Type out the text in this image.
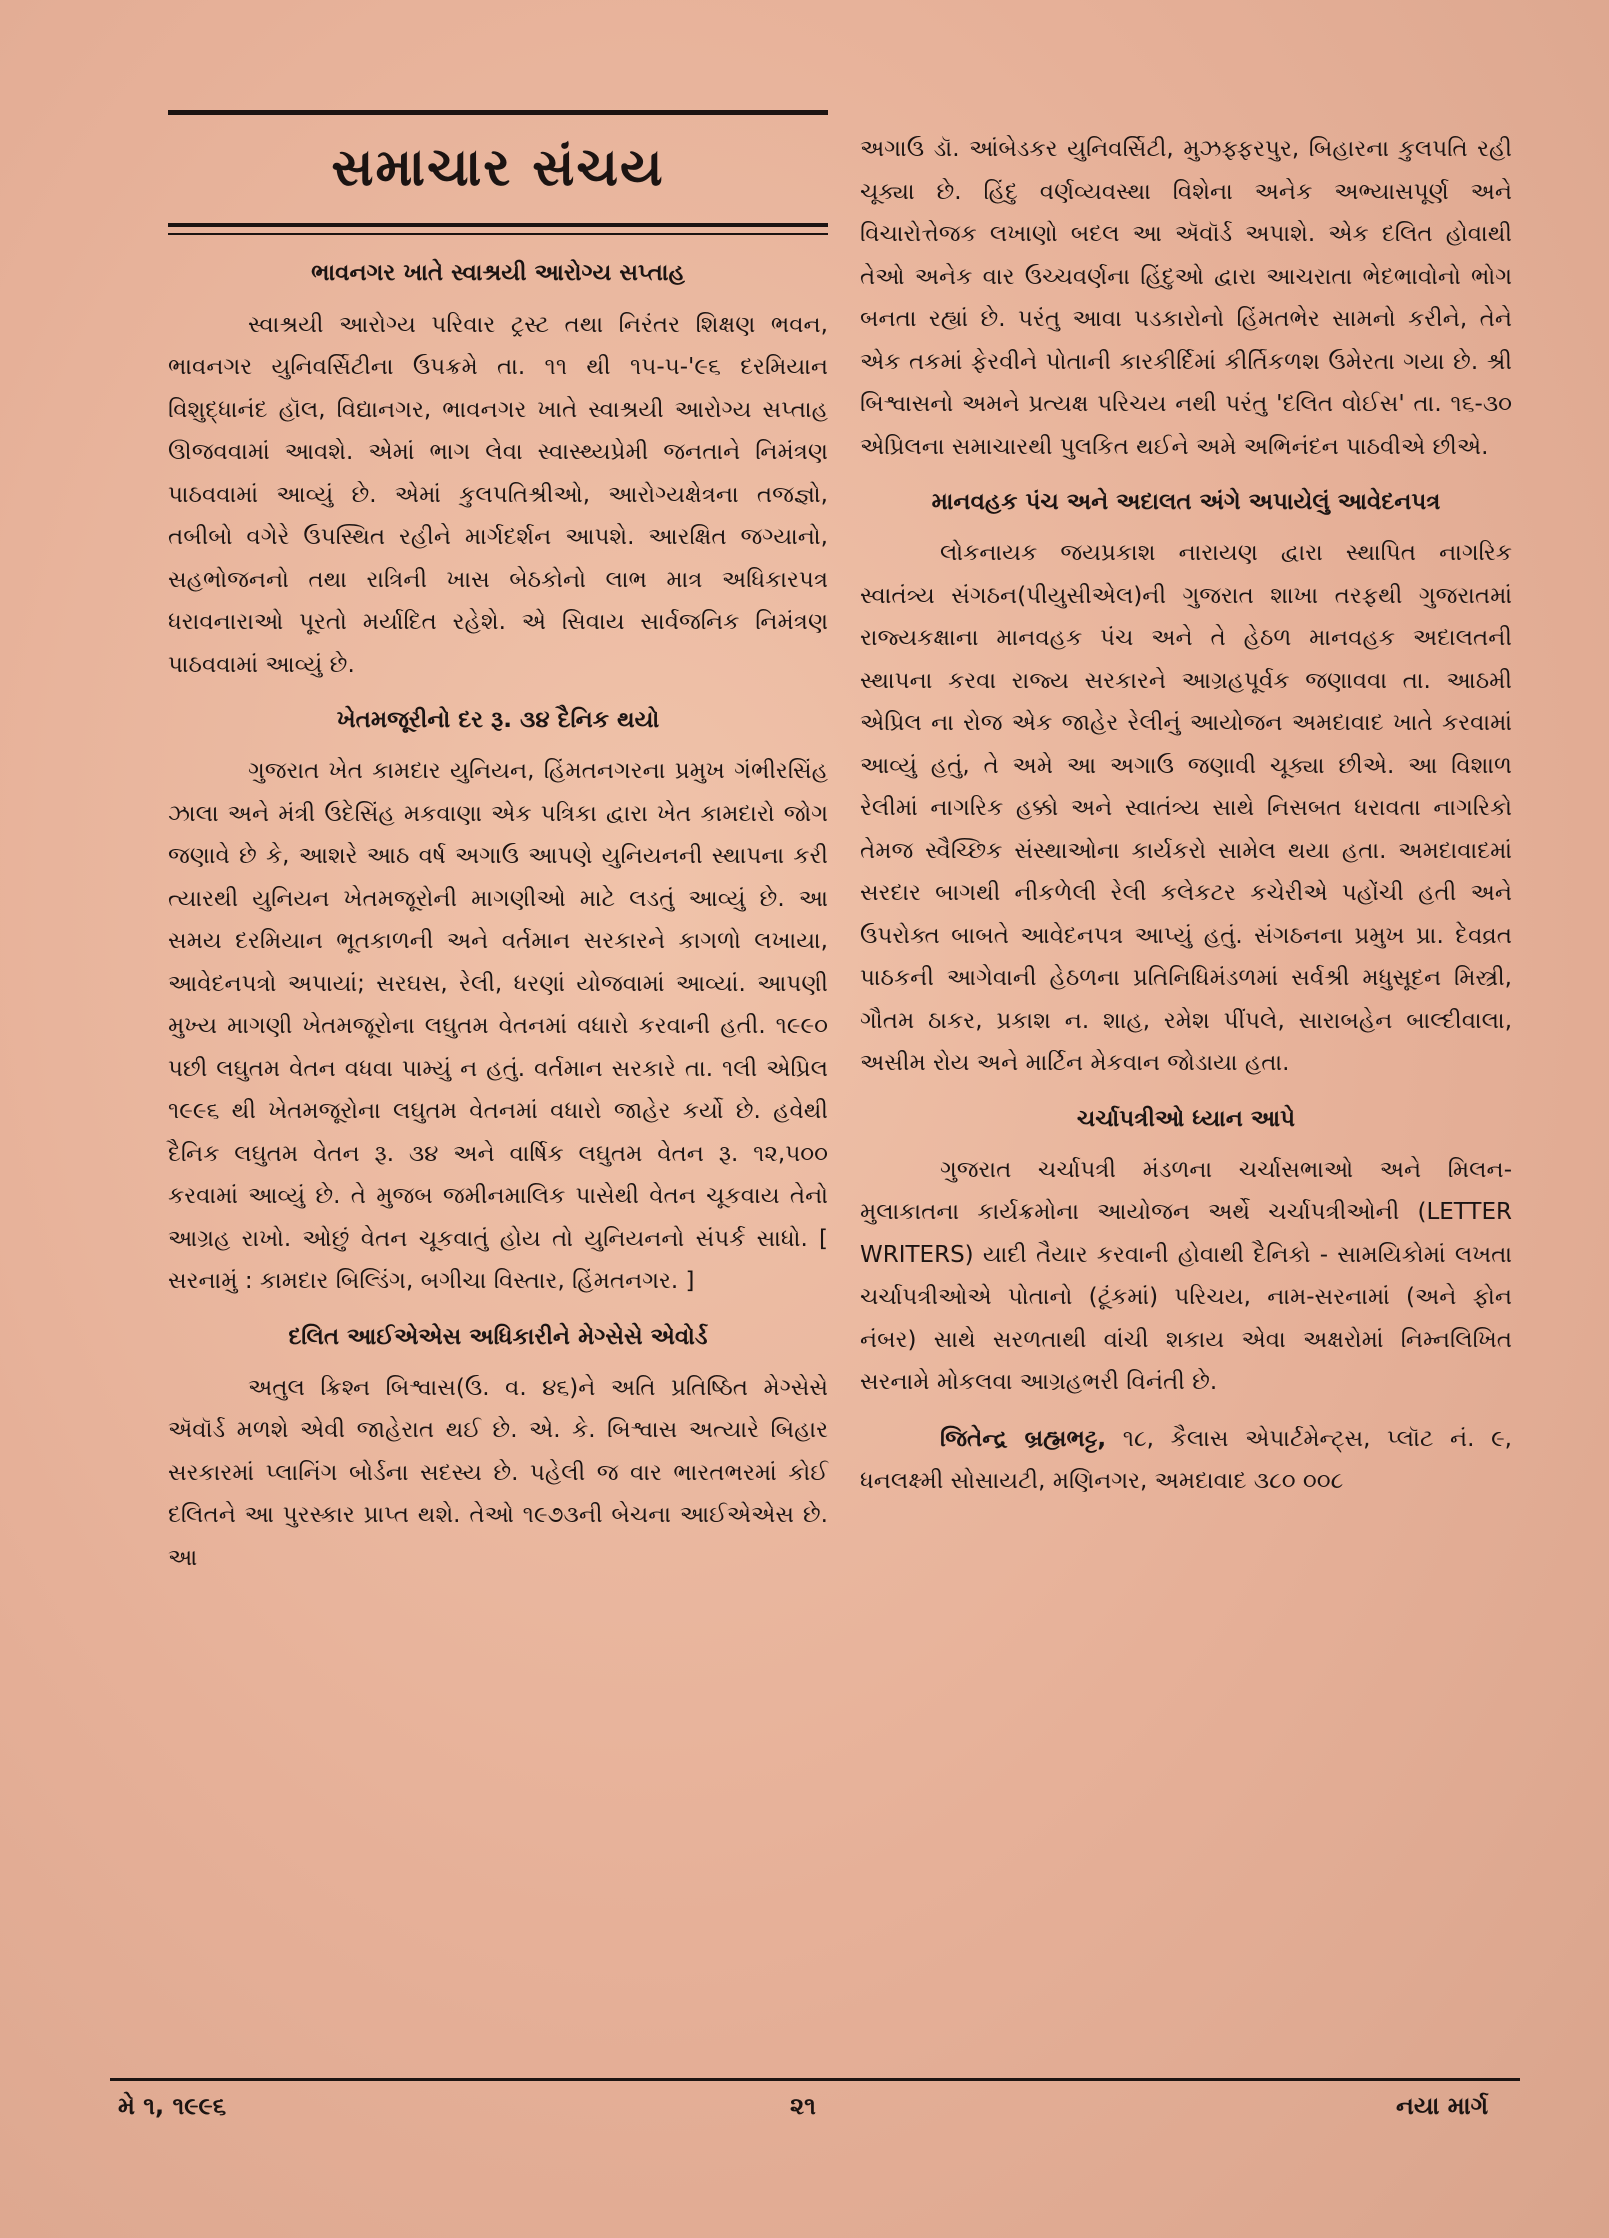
સમાચાર સંચય
ભાવનગર ખાતે સ્વાશ્રયી આરોગ્ય સપ્તાહ

સ્વાશ્રયી આરોગ્ય પરિવાર ટ્રસ્ટ તથા નિરંતર શિક્ષણ ભવન, ભાવનગર યુનિવર્સિટીના ઉપક્રમે તા. ૧૧ થી ૧૫-૫-'૯૬ દરમિયાન વિશુદ્ધાનંદ હૉલ, વિદ્યાનગર, ભાવનગર ખાતે સ્વાશ્રયી આરોગ્ય સપ્તાહ ઊજવવામાં આવશે. એમાં ભાગ લેવા સ્વાસ્થ્યપ્રેમી જનતાને નિમંત્રણ પાઠવવામાં આવ્યું છે. એમાં કુલપતિશ્રીઓ, આરોગ્યક્ષેત્રના તજજ્ઞો, તબીબો વગેરે ઉપસ્થિત રહીને માર્ગદર્શન આપશે. આરક્ષિત જગ્યાનો, સહભોજનનો તથા રાત્રિની ખાસ બેઠકોનો લાભ માત્ર અધિકારપત્ર ધરાવનારાઓ પૂરતો મર્યાદિત રહેશે. એ સિવાય સાર્વજનિક નિમંત્રણ પાઠવવામાં આવ્યું છે.

ખેતમજૂરીનો દર રૂ. ૩૪ દૈનિક થયો

ગુજરાત ખેત કામદાર યુનિયન, હિંમતનગરના પ્રમુખ ગંભીરસિંહ ઝાલા અને મંત્રી ઉદેસિંહ મકવાણા એક પત્રિકા દ્વારા ખેત કામદારો જોગ જણાવે છે કે, આશરે આઠ વર્ષ અગાઉ આપણે યુનિયનની સ્થાપના કરી ત્યારથી યુનિયન ખેતમજૂરોની માગણીઓ માટે લડતું આવ્યું છે. આ સમય દરમિયાન ભૂતકાળની અને વર્તમાન સરકારને કાગળો લખાયા, આવેદનપત્રો અપાયાં; સરઘસ, રેલી, ધરણાં યોજવામાં આવ્યાં. આપણી મુખ્ય માગણી ખેતમજૂરોના લઘુતમ વેતનમાં વધારો કરવાની હતી. ૧૯૯૦ પછી લઘુતમ વેતન વધવા પામ્યું ન હતું. વર્તમાન સરકારે તા. ૧લી એપ્રિલ ૧૯૯૬ થી ખેતમજૂરોના લઘુતમ વેતનમાં વધારો જાહેર કર્યો છે. હવેથી દૈનિક લઘુતમ વેતન રૂ. ૩૪ અને વાર્ષિક લઘુતમ વેતન રૂ. ૧૨,૫૦૦ કરવામાં આવ્યું છે. તે મુજબ જમીનમાલિક પાસેથી વેતન ચૂકવાય તેનો આગ્રહ રાખો. ઓછું વેતન ચૂકવાતું હોય તો યુનિયનનો સંપર્ક સાધો. [ સરનામું : કામદાર બિલ્ડિંગ, બગીચા વિસ્તાર, હિંમતનગર. ]

દલિત આઈએએસ અધિકારીને મેગ્સેસે એવોર્ડ

અતુલ ક્રિશ્ન બિશ્વાસ(ઉ. વ. ૪૬)ને અતિ પ્રતિષ્ઠિત મેગ્સેસે ઍવૉર્ડ મળશે એવી જાહેરાત થઈ છે. એ. કે. બિશ્વાસ અત્યારે બિહાર સરકારમાં પ્લાનિંગ બોર્ડના સદસ્ય છે. પહેલી જ વાર ભારતભરમાં કોઈ દલિતને આ પુરસ્કાર પ્રાપ્ત થશે. તેઓ ૧૯૭૩ની બેચના આઈએએસ છે. આ

અગાઉ ડૉ. આંબેડકર યુનિવર્સિટી, મુઝફ્ફરપુર, બિહારના કુલપતિ રહી ચૂક્યા છે. હિંદુ વર્ણવ્યવસ્થા વિશેના અનેક અભ્યાસપૂર્ણ અને વિચારોત્તેજક લખાણો બદલ આ ઍવૉર્ડ અપાશે. એક દલિત હોવાથી તેઓ અનેક વાર ઉચ્ચવર્ણના હિંદુઓ દ્વારા આચરાતા ભેદભાવોનો ભોગ બનતા રહ્યાં છે. પરંતુ આવા પડકારોનો હિંમતભેર સામનો કરીને, તેને એક તકમાં ફેરવીને પોતાની કારકીર્દિમાં કીર્તિકળશ ઉમેરતા ગયા છે. શ્રી બિશ્વાસનો અમને પ્રત્યક્ષ પરિચય નથી પરંતુ 'દલિત વોઈસ' તા. ૧૬-૩૦ એપ્રિલના સમાચારથી પુલકિત થઈને અમે અભિનંદન પાઠવીએ છીએ.

માનવહક પંચ અને અદાલત અંગે અપાયેલું આવેદનપત્ર

લોકનાયક જયપ્રકાશ નારાયણ દ્વારા સ્થાપિત નાગરિક સ્વાતંત્ર્ય સંગઠન(પીયુસીએલ)ની ગુજરાત શાખા તરફથી ગુજરાતમાં રાજ્યકક્ષાના માનવહક પંચ અને તે હેઠળ માનવહક અદાલતની સ્થાપના કરવા રાજ્ય સરકારને આગ્રહપૂર્વક જણાવવા તા. આઠમી એપ્રિલ ના રોજ એક જાહેર રેલીનું આયોજન અમદાવાદ ખાતે કરવામાં આવ્યું હતું, તે અમે આ અગાઉ જણાવી ચૂક્યા છીએ. આ વિશાળ રેલીમાં નાગરિક હક્કો અને સ્વાતંત્ર્ય સાથે નિસબત ધરાવતા નાગરિકો તેમજ સ્વૈચ્છિક સંસ્થાઓના કાર્યકરો સામેલ થયા હતા. અમદાવાદમાં સરદાર બાગથી નીકળેલી રેલી કલેકટર કચેરીએ પહોંચી હતી અને ઉપરોક્ત બાબતે આવેદનપત્ર આપ્યું હતું. સંગઠનના પ્રમુખ પ્રા. દેવવ્રત પાઠકની આગેવાની હેઠળના પ્રતિનિધિમંડળમાં સર્વશ્રી મધુસૂદન મિસ્ત્રી, ગૌતમ ઠાકર, પ્રકાશ ન. શાહ, રમેશ પીંપલે, સારાબહેન બાલ્દીવાલા, અસીમ રોય અને માર્ટિન મેકવાન જોડાયા હતા.

ચર્ચાપત્રીઓ ધ્યાન આપે

ગુજરાત ચર્ચાપત્રી મંડળના ચર્ચાસભાઓ અને મિલન-મુલાકાતના કાર્યક્રમોના આયોજન અર્થે ચર્ચાપત્રીઓની (LETTER WRITERS) યાદી તૈયાર કરવાની હોવાથી દૈનિકો - સામયિકોમાં લખતા ચર્ચાપત્રીઓએ પોતાનો (ટૂંકમાં) પરિચય, નામ-સરનામાં (અને ફોન નંબર) સાથે સરળતાથી વાંચી શકાય એવા અક્ષરોમાં નિમ્નલિખિત સરનામે મોકલવા આગ્રહભરી વિનંતી છે.

જિતેન્દ્ર બ્રહ્મભટ્ટ, ૧૮, કૈલાસ એપાર્ટમેન્ટ્સ, પ્લૉટ નં. ૯, ધનલક્ષ્મી સોસાયટી, મણિનગર, અમદાવાદ ૩૮૦ ૦૦૮

મે ૧, ૧૯૯૬	૨૧	નયા માર્ગ
